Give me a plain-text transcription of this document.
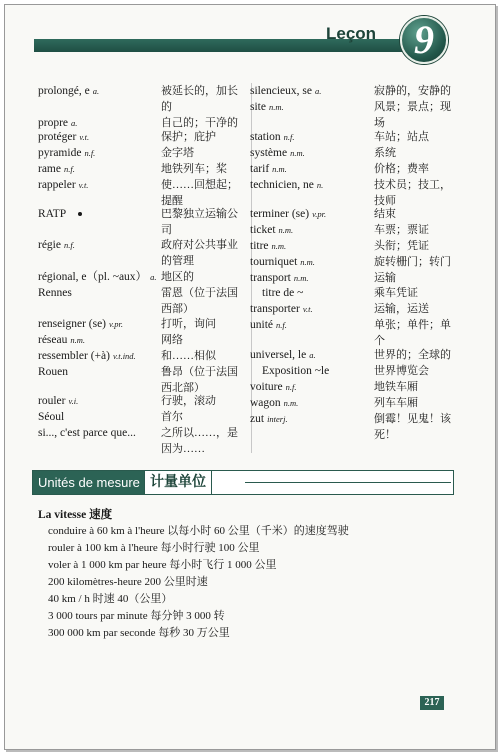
Leçon 9
prolongé, e a.	被延长的，加长的
propre a.	自己的；干净的
protéger v.t.	保护；庇护
pyramide n.f.	金字塔
rame n.f.	地铁列车；桨
rappeler v.t.	使……回想起；提醒
RATP	巴黎独立运输公司
régie n.f.	政府对公共事业的管理
régional, e（pl. ~aux） a. 地区的
Rennes	雷恩（位于法国西部）
renseigner (se) v.pr.	打听，询问
réseau n.m.	网络
ressembler (+à) v.t.ind. 和……相似
Rouen	鲁昂（位于法国西北部）
rouler v.i.	行驶，滚动
Séoul	首尔
si..., c'est parce que... 之所以……，是因为……
silencieux, se a.	寂静的，安静的
site n.m.	风景；景点；现场
station n.f.	车站；站点
système n.m.	系统
tarif n.m.	价格；费率
technicien, ne n.	技术员；技工，技师
terminer (se) v.pr.	结束
ticket n.m.	车票；票证
titre n.m.	头衔；凭证
tourniquet n.m.	旋转栅门；转门
transport n.m.	运输
titre de ~	乘车凭证
transporter v.t.	运输，运送
unité n.f.	单张；单件；单个
universel, le a.	世界的；全球的
Exposition ~le	世界博览会
voiture n.f.	地铁车厢
wagon n.m.	列车车厢
zut interj.	倒霉！见鬼！该死！
Unités de mesure 计量单位
La vitesse 速度
conduire à 60 km à l'heure 以每小时 60 公里（千米）的速度驾驶
rouler à 100 km à l'heure 每小时行驶 100 公里
voler à 1 000 km par heure 每小时飞行 1 000 公里
200 kilomètres-heure 200 公里时速
40 km / h 时速 40（公里）
3 000 tours par minute 每分钟 3 000 转
300 000 km par seconde 每秒 30 万公里
217
